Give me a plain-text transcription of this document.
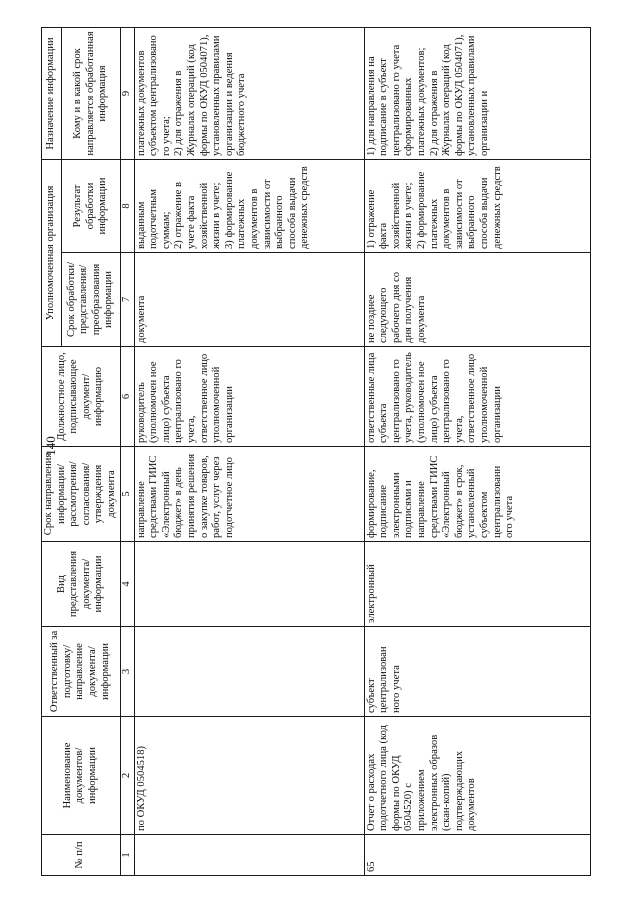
140
№ п/п	Наименование документов/ информации	Ответственный за подготовку/ направление документа/ информации	Вид представления документа/ информации	Срок направления информации/ рассмотрения/ согласования/ утверждения документа	Должностное лицо, подписывающее документ/ информацию	Уполномоченная организация		Назначение информации
						Срок обработки/ представления/ преобразования информации	Результат обработки информации	Кому и в какой срок направляется обработанная информация
1	2	3	4	5	6	7	8	9

	по ОКУД 0504518)			направление средствами ГИИС «Электронный бюджет» в день принятия решения о закупке товаров, работ, услуг через подотчетное лицо	руководитель (уполномочен ное лицо) субъекта централизовано го учета, ответственное лицо уполномоченной организации	документа	выданным подотчетным суммам;
2) отражение в учете факта хозяйственной жизни в учете;
3) формирование платежных документов в зависимости от выбранного способа выдачи денежных средств	платежных документов субъектом централизовано го учета;
2) для отражения в Журналах операций (код формы по ОКУД 0504071), установленных правилами организации и ведения бюджетного учета

65	Отчет о расходах подотчетного лица (код формы по ОКУД 0504520) с приложением электронных образов (скан-копий) подтверждающих документов	субъект централизован ного учета	электронный	формирование, подписание электронными подписями и направление средствами ГИИС «Электронный бюджет» в срок, установленный субъектом централизованн ого учета	ответственные лица субъекта централизовано го учета, руководитель (уполномочен ное лицо) субъекта централизовано го учета, ответственное лицо уполномоченной организации	не позднее следующего рабочего дня со дня получения документа	1) отражение факта хозяйственной жизни в учете;
2) формирование платежных документов в зависимости от выбранного способа выдачи денежных средств	1) для направления на подписание в субъект централизовано го учета сформированных платежных документов;
2) для отражения в Журналах операций (код формы по ОКУД 0504071), установленных правилами организации и
